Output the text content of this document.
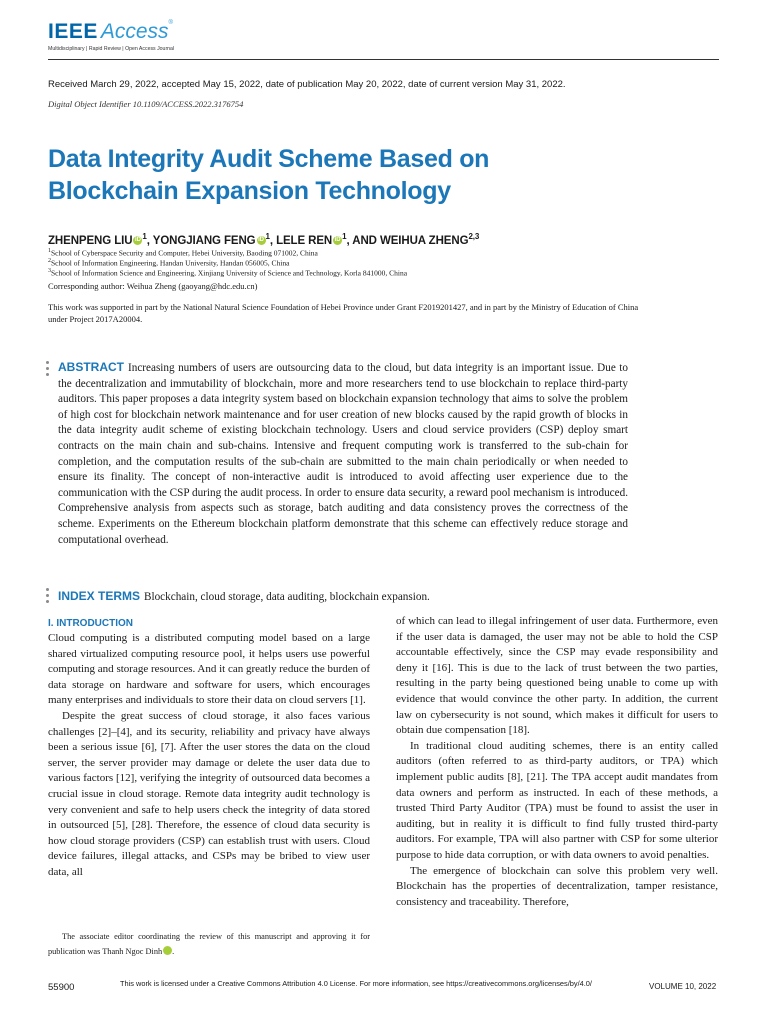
IEEE Access®
Multidisciplinary | Rapid Review | Open Access Journal
Received March 29, 2022, accepted May 15, 2022, date of publication May 20, 2022, date of current version May 31, 2022.
Digital Object Identifier 10.1109/ACCESS.2022.3176754
Data Integrity Audit Scheme Based on Blockchain Expansion Technology
ZHENPENG LIU iD $^1$, YONGJIANG FENG iD $^1$, LELE REN iD $^1$, AND WEIHUA ZHENG$^{2,3}$
$^1$School of Cyberspace Security and Computer, Hebei University, Baoding 071002, China
$^2$School of Information Engineering, Handan University, Handan 056005, China
$^3$School of Information Science and Engineering, Xinjiang University of Science and Technology, Korla 841000, China
Corresponding author: Weihua Zheng (gaoyang@hdc.edu.cn)
This work was supported in part by the National Natural Science Foundation of Hebei Province under Grant F2019201427, and in part by the Ministry of Education of China under Project 2017A20004.
ABSTRACT Increasing numbers of users are outsourcing data to the cloud, but data integrity is an important issue. Due to the decentralization and immutability of blockchain, more and more researchers tend to use blockchain to replace third-party auditors. This paper proposes a data integrity system based on blockchain expansion technology that aims to solve the problem of high cost for blockchain network maintenance and for user creation of new blocks caused by the rapid growth of blocks in the data integrity audit scheme of existing blockchain technology. Users and cloud service providers (CSP) deploy smart contracts on the main chain and sub-chains. Intensive and frequent computing work is transferred to the sub-chain for completion, and the computation results of the sub-chain are submitted to the main chain periodically or when needed to ensure its finality. The concept of non-interactive audit is introduced to avoid affecting user experience due to the communication with the CSP during the audit process. In order to ensure data security, a reward pool mechanism is introduced. Comprehensive analysis from aspects such as storage, batch auditing and data consistency proves the correctness of the scheme. Experiments on the Ethereum blockchain platform demonstrate that this scheme can effectively reduce storage and computational overhead.
INDEX TERMS Blockchain, cloud storage, data auditing, blockchain expansion.
I. INTRODUCTION

Cloud computing is a distributed computing model based on a large shared virtualized computing resource pool, it helps users use powerful computing and storage resources. And it can greatly reduce the burden of data storage on hardware and software for users, which encourages many enterprises and individuals to store their data on cloud servers [1].

Despite the great success of cloud storage, it also faces various challenges [2]–[4], and its security, reliability and privacy have always been a serious issue [6], [7]. After the user stores the data on the cloud server, the server provider may damage or delete the user data due to various factors [12], verifying the integrity of outsourced data becomes a crucial issue in cloud storage. Remote data integrity audit technology is very convenient and safe to help users check the integrity of data stored in outsourced [5], [28]. Therefore, the essence of cloud data security is how cloud storage providers (CSP) can establish trust with users. Cloud device failures, illegal attacks, and CSPs may be bribed to view user data, all

of which can lead to illegal infringement of user data. Furthermore, even if the user data is damaged, the user may not be able to hold the CSP accountable effectively, since the CSP may evade responsibility and deny it [16]. This is due to the lack of trust between the two parties, resulting in the party being questioned being unable to come up with evidence that would convince the other party. In addition, the current law on cybersecurity is not sound, which makes it difficult for users to obtain due compensation [18].

In traditional cloud auditing schemes, there is an entity called auditors (often referred to as third-party auditors, or TPA) which implement public audits [8], [21]. The TPA accept audit mandates from data owners and perform as instructed. In each of these methods, a trusted Third Party Auditor (TPA) must be found to assist the user in auditing, but in reality it is difficult to find fully trusted third-party auditors. For example, TPA will also partner with CSP for some ulterior purpose to hide data corruption, or with data owners to avoid penalties.

The emergence of blockchain can solve this problem very well. Blockchain has the properties of decentralization, tamper resistance, consistency and traceability. Therefore,

The associate editor coordinating the review of this manuscript and approving it for publication was Thanh Ngoc Dinh	iD.

55900	This work is licensed under a Creative Commons Attribution 4.0 License. For more information, see https://creativecommons.org/licenses/by/4.0/	VOLUME 10, 2022
